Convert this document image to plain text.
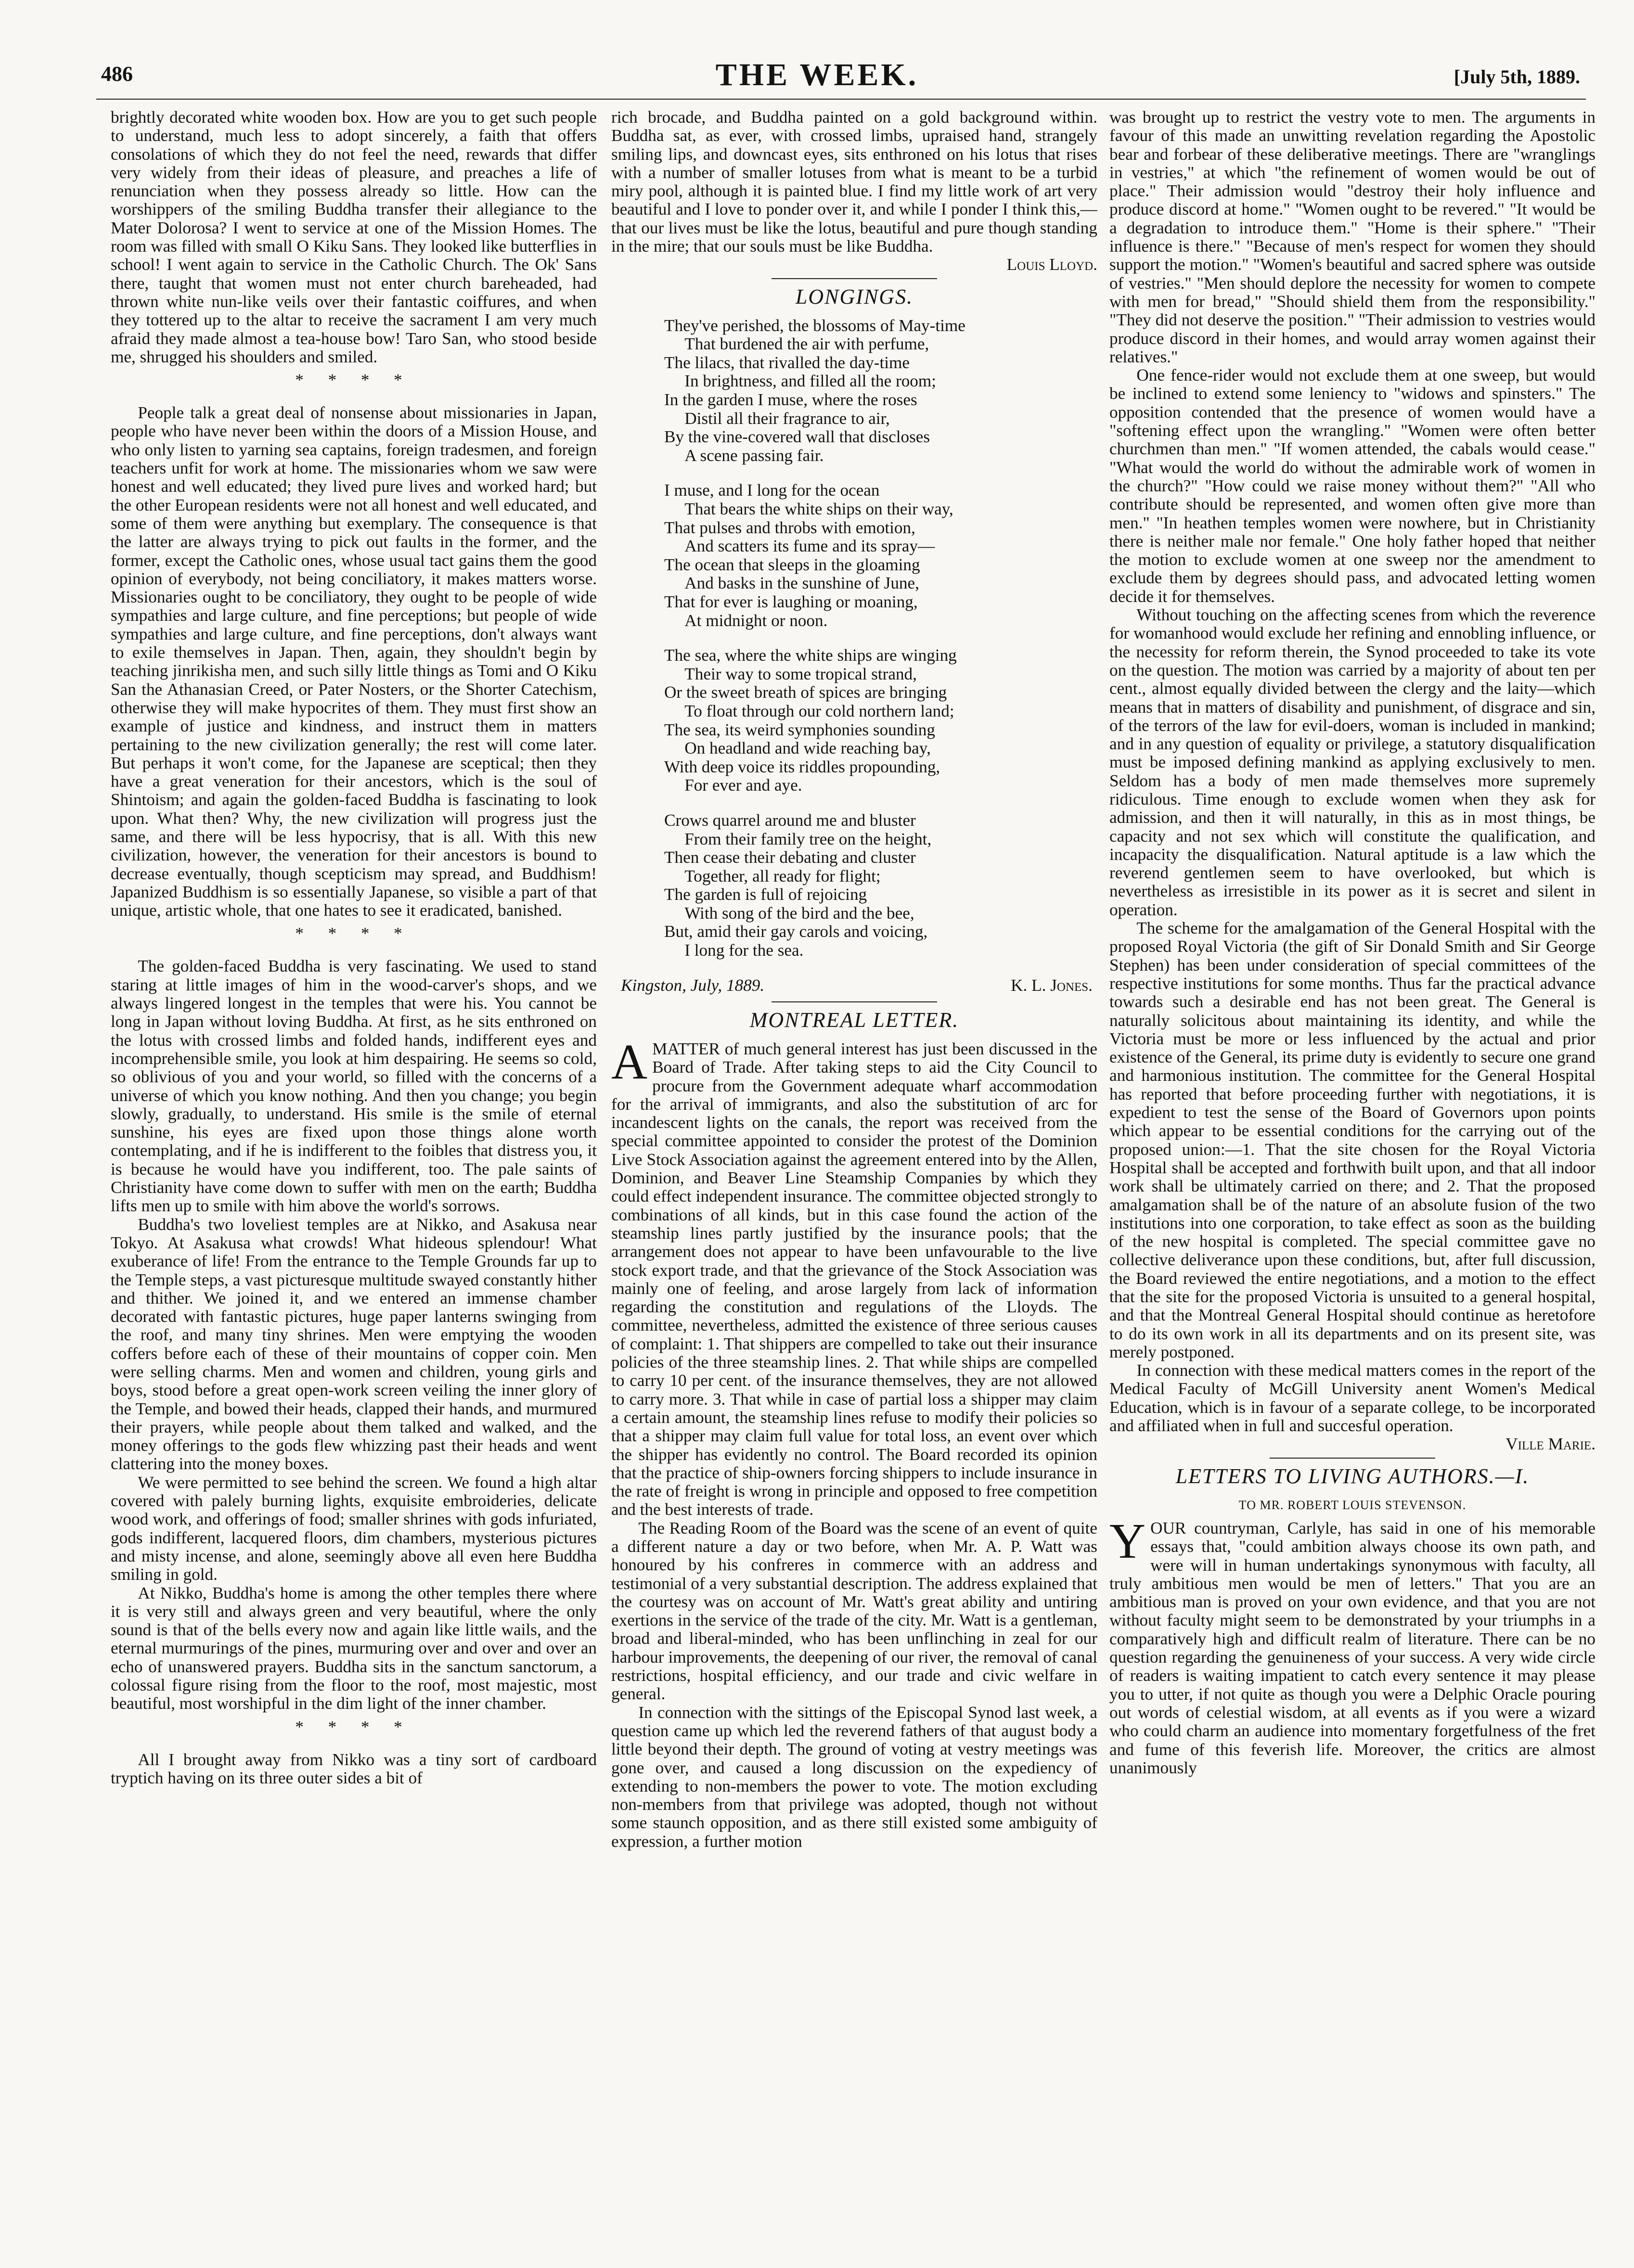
486	THE WEEK.	[July 5th, 1889.

brightly decorated white wooden box. How are you to get such people to understand, much less to adopt sincerely, a faith that offers consolations of which they do not feel the need, rewards that differ very widely from their ideas of pleasure, and preaches a life of renunciation when they possess already so little. How can the worshippers of the smiling Buddha transfer their allegiance to the Mater Dolorosa? I went to service at one of the Mission Homes. The room was filled with small O Kiku Sans. They looked like butterflies in school! I went again to service in the Catholic Church. The Ok' Sans there, taught that women must not enter church bareheaded, had thrown white nun-like veils over their fantastic coiffures, and when they tottered up to the altar to receive the sacrament I am very much afraid they made almost a tea-house bow! Taro San, who stood beside me, shrugged his shoulders and smiled.

* * * *

People talk a great deal of nonsense about missionaries in Japan, people who have never been within the doors of a Mission House, and who only listen to yarning sea captains, foreign tradesmen, and foreign teachers unfit for work at home. The missionaries whom we saw were honest and well educated; they lived pure lives and worked hard; but the other European residents were not all honest and well educated, and some of them were anything but exemplary. The consequence is that the latter are always trying to pick out faults in the former, and the former, except the Catholic ones, whose usual tact gains them the good opinion of everybody, not being conciliatory, it makes matters worse. Missionaries ought to be conciliatory, they ought to be people of wide sympathies and large culture, and fine perceptions; but people of wide sympathies and large culture, and fine perceptions, don't always want to exile themselves in Japan. Then, again, they shouldn't begin by teaching jinrikisha men, and such silly little things as Tomi and O Kiku San the Athanasian Creed, or Pater Nosters, or the Shorter Catechism, otherwise they will make hypocrites of them. They must first show an example of justice and kindness, and instruct them in matters pertaining to the new civilization generally; the rest will come later. But perhaps it won't come, for the Japanese are sceptical; then they have a great veneration for their ancestors, which is the soul of Shintoism; and again the golden-faced Buddha is fascinating to look upon. What then? Why, the new civilization will progress just the same, and there will be less hypocrisy, that is all. With this new civilization, however, the veneration for their ancestors is bound to decrease eventually, though scepticism may spread, and Buddhism! Japanized Buddhism is so essentially Japanese, so visible a part of that unique, artistic whole, that one hates to see it eradicated, banished.

* * * *

The golden-faced Buddha is very fascinating. We used to stand staring at little images of him in the wood-carver's shops, and we always lingered longest in the temples that were his. You cannot be long in Japan without loving Buddha. At first, as he sits enthroned on the lotus with crossed limbs and folded hands, indifferent eyes and incomprehensible smile, you look at him despairing. He seems so cold, so oblivious of you and your world, so filled with the concerns of a universe of which you know nothing. And then you change; you begin slowly, gradually, to understand. His smile is the smile of eternal sunshine, his eyes are fixed upon those things alone worth contemplating, and if he is indifferent to the foibles that distress you, it is because he would have you indifferent, too. The pale saints of Christianity have come down to suffer with men on the earth; Buddha lifts men up to smile with him above the world's sorrows.

Buddha's two loveliest temples are at Nikko, and Asakusa near Tokyo. At Asakusa what crowds! What hideous splendour! What exuberance of life! From the entrance to the Temple Grounds far up to the Temple steps, a vast picturesque multitude swayed constantly hither and thither. We joined it, and we entered an immense chamber decorated with fantastic pictures, huge paper lanterns swinging from the roof, and many tiny shrines. Men were emptying the wooden coffers before each of these of their mountains of copper coin. Men were selling charms. Men and women and children, young girls and boys, stood before a great open-work screen veiling the inner glory of the Temple, and bowed their heads, clapped their hands, and murmured their prayers, while people about them talked and walked, and the money offerings to the gods flew whizzing past their heads and went clattering into the money boxes.

We were permitted to see behind the screen. We found a high altar covered with palely burning lights, exquisite embroideries, delicate wood work, and offerings of food; smaller shrines with gods infuriated, gods indifferent, lacquered floors, dim chambers, mysterious pictures and misty incense, and alone, seemingly above all even here Buddha smiling in gold.

At Nikko, Buddha's home is among the other temples there where it is very still and always green and very beautiful, where the only sound is that of the bells every now and again like little wails, and the eternal murmurings of the pines, murmuring over and over and over an echo of unanswered prayers. Buddha sits in the sanctum sanctorum, a colossal figure rising from the floor to the roof, most majestic, most beautiful, most worshipful in the dim light of the inner chamber.

* * * *

All I brought away from Nikko was a tiny sort of cardboard tryptich having on its three outer sides a bit of

rich brocade, and Buddha painted on a gold background within. Buddha sat, as ever, with crossed limbs, upraised hand, strangely smiling lips, and downcast eyes, sits enthroned on his lotus that rises with a number of smaller lotuses from what is meant to be a turbid miry pool, although it is painted blue. I find my little work of art very beautiful and I love to ponder over it, and while I ponder I think this,—that our lives must be like the lotus, beautiful and pure though standing in the mire; that our souls must be like Buddha.

Louis Lloyd.
LONGINGS.
They've perished, the blossoms of May-time
That burdened the air with perfume,
The lilacs, that rivalled the day-time
In brightness, and filled all the room;
In the garden I muse, where the roses
Distil all their fragrance to air,
By the vine-covered wall that discloses
A scene passing fair.
I muse, and I long for the ocean
That bears the white ships on their way,
That pulses and throbs with emotion,
And scatters its fume and its spray—
The ocean that sleeps in the gloaming
And basks in the sunshine of June,
That for ever is laughing or moaning,
At midnight or noon.
The sea, where the white ships are winging
Their way to some tropical strand,
Or the sweet breath of spices are bringing
To float through our cold northern land;
The sea, its weird symphonies sounding
On headland and wide reaching bay,
With deep voice its riddles propounding,
For ever and aye.
Crows quarrel around me and bluster
From their family tree on the height,
Then cease their debating and cluster
Together, all ready for flight;
The garden is full of rejoicing
With song of the bird and the bee,
But, amid their gay carols and voicing,
I long for the sea.
Kingston, July, 1889.	K. L. Jones.
MONTREAL LETTER.

AMATTER of much general interest has just been discussed in the Board of Trade. After taking steps to aid the City Council to procure from the Government adequate wharf accommodation for the arrival of immigrants, and also the substitution of arc for incandescent lights on the canals, the report was received from the special committee appointed to consider the protest of the Dominion Live Stock Association against the agreement entered into by the Allen, Dominion, and Beaver Line Steamship Companies by which they could effect independent insurance. The committee objected strongly to combinations of all kinds, but in this case found the action of the steamship lines partly justified by the insurance pools; that the arrangement does not appear to have been unfavourable to the live stock export trade, and that the grievance of the Stock Association was mainly one of feeling, and arose largely from lack of information regarding the constitution and regulations of the Lloyds. The committee, nevertheless, admitted the existence of three serious causes of complaint: 1. That shippers are compelled to take out their insurance policies of the three steamship lines. 2. That while ships are compelled to carry 10 per cent. of the insurance themselves, they are not allowed to carry more. 3. That while in case of partial loss a shipper may claim a certain amount, the steamship lines refuse to modify their policies so that a shipper may claim full value for total loss, an event over which the shipper has evidently no control. The Board recorded its opinion that the practice of ship-owners forcing shippers to include insurance in the rate of freight is wrong in principle and opposed to free competition and the best interests of trade.

The Reading Room of the Board was the scene of an event of quite a different nature a day or two before, when Mr. A. P. Watt was honoured by his confreres in commerce with an address and testimonial of a very substantial description. The address explained that the courtesy was on account of Mr. Watt's great ability and untiring exertions in the service of the trade of the city. Mr. Watt is a gentleman, broad and liberal-minded, who has been unflinching in zeal for our harbour improvements, the deepening of our river, the removal of canal restrictions, hospital efficiency, and our trade and civic welfare in general.

In connection with the sittings of the Episcopal Synod last week, a question came up which led the reverend fathers of that august body a little beyond their depth. The ground of voting at vestry meetings was gone over, and caused a long discussion on the expediency of extending to non-members the power to vote. The motion excluding non-members from that privilege was adopted, though not without some staunch opposition, and as there still existed some ambiguity of expression, a further motion

was brought up to restrict the vestry vote to men. The arguments in favour of this made an unwitting revelation regarding the Apostolic bear and forbear of these deliberative meetings. There are "wranglings in vestries," at which "the refinement of women would be out of place." Their admission would "destroy their holy influence and produce discord at home." "Women ought to be revered." "It would be a degradation to introduce them." "Home is their sphere." "Their influence is there." "Because of men's respect for women they should support the motion." "Women's beautiful and sacred sphere was outside of vestries." "Men should deplore the necessity for women to compete with men for bread," "Should shield them from the responsibility." "They did not deserve the position." "Their admission to vestries would produce discord in their homes, and would array women against their relatives."

One fence-rider would not exclude them at one sweep, but would be inclined to extend some leniency to "widows and spinsters." The opposition contended that the presence of women would have a "softening effect upon the wrangling." "Women were often better churchmen than men." "If women attended, the cabals would cease." "What would the world do without the admirable work of women in the church?" "How could we raise money without them?" "All who contribute should be represented, and women often give more than men." "In heathen temples women were nowhere, but in Christianity there is neither male nor female." One holy father hoped that neither the motion to exclude women at one sweep nor the amendment to exclude them by degrees should pass, and advocated letting women decide it for themselves.

Without touching on the affecting scenes from which the reverence for womanhood would exclude her refining and ennobling influence, or the necessity for reform therein, the Synod proceeded to take its vote on the question. The motion was carried by a majority of about ten per cent., almost equally divided between the clergy and the laity—which means that in matters of disability and punishment, of disgrace and sin, of the terrors of the law for evil-doers, woman is included in mankind; and in any question of equality or privilege, a statutory disqualification must be imposed defining mankind as applying exclusively to men. Seldom has a body of men made themselves more supremely ridiculous. Time enough to exclude women when they ask for admission, and then it will naturally, in this as in most things, be capacity and not sex which will constitute the qualification, and incapacity the disqualification. Natural aptitude is a law which the reverend gentlemen seem to have overlooked, but which is nevertheless as irresistible in its power as it is secret and silent in operation.

The scheme for the amalgamation of the General Hospital with the proposed Royal Victoria (the gift of Sir Donald Smith and Sir George Stephen) has been under consideration of special committees of the respective institutions for some months. Thus far the practical advance towards such a desirable end has not been great. The General is naturally solicitous about maintaining its identity, and while the Victoria must be more or less influenced by the actual and prior existence of the General, its prime duty is evidently to secure one grand and harmonious institution. The committee for the General Hospital has reported that before proceeding further with negotiations, it is expedient to test the sense of the Board of Governors upon points which appear to be essential conditions for the carrying out of the proposed union:—1. That the site chosen for the Royal Victoria Hospital shall be accepted and forthwith built upon, and that all indoor work shall be ultimately carried on there; and 2. That the proposed amalgamation shall be of the nature of an absolute fusion of the two institutions into one corporation, to take effect as soon as the building of the new hospital is completed. The special committee gave no collective deliverance upon these conditions, but, after full discussion, the Board reviewed the entire negotiations, and a motion to the effect that the site for the proposed Victoria is unsuited to a general hospital, and that the Montreal General Hospital should continue as heretofore to do its own work in all its departments and on its present site, was merely postponed.

In connection with these medical matters comes in the report of the Medical Faculty of McGill University anent Women's Medical Education, which is in favour of a separate college, to be incorporated and affiliated when in full and succesful operation.

Ville Marie.
LETTERS TO LIVING AUTHORS.—I.
TO MR. ROBERT LOUIS STEVENSON.

YOUR countryman, Carlyle, has said in one of his memorable essays that, "could ambition always choose its own path, and were will in human undertakings synonymous with faculty, all truly ambitious men would be men of letters." That you are an ambitious man is proved on your own evidence, and that you are not without faculty might seem to be demonstrated by your triumphs in a comparatively high and difficult realm of literature. There can be no question regarding the genuineness of your success. A very wide circle of readers is waiting impatient to catch every sentence it may please you to utter, if not quite as though you were a Delphic Oracle pouring out words of celestial wisdom, at all events as if you were a wizard who could charm an audience into momentary forgetfulness of the fret and fume of this feverish life. Moreover, the critics are almost unanimously
